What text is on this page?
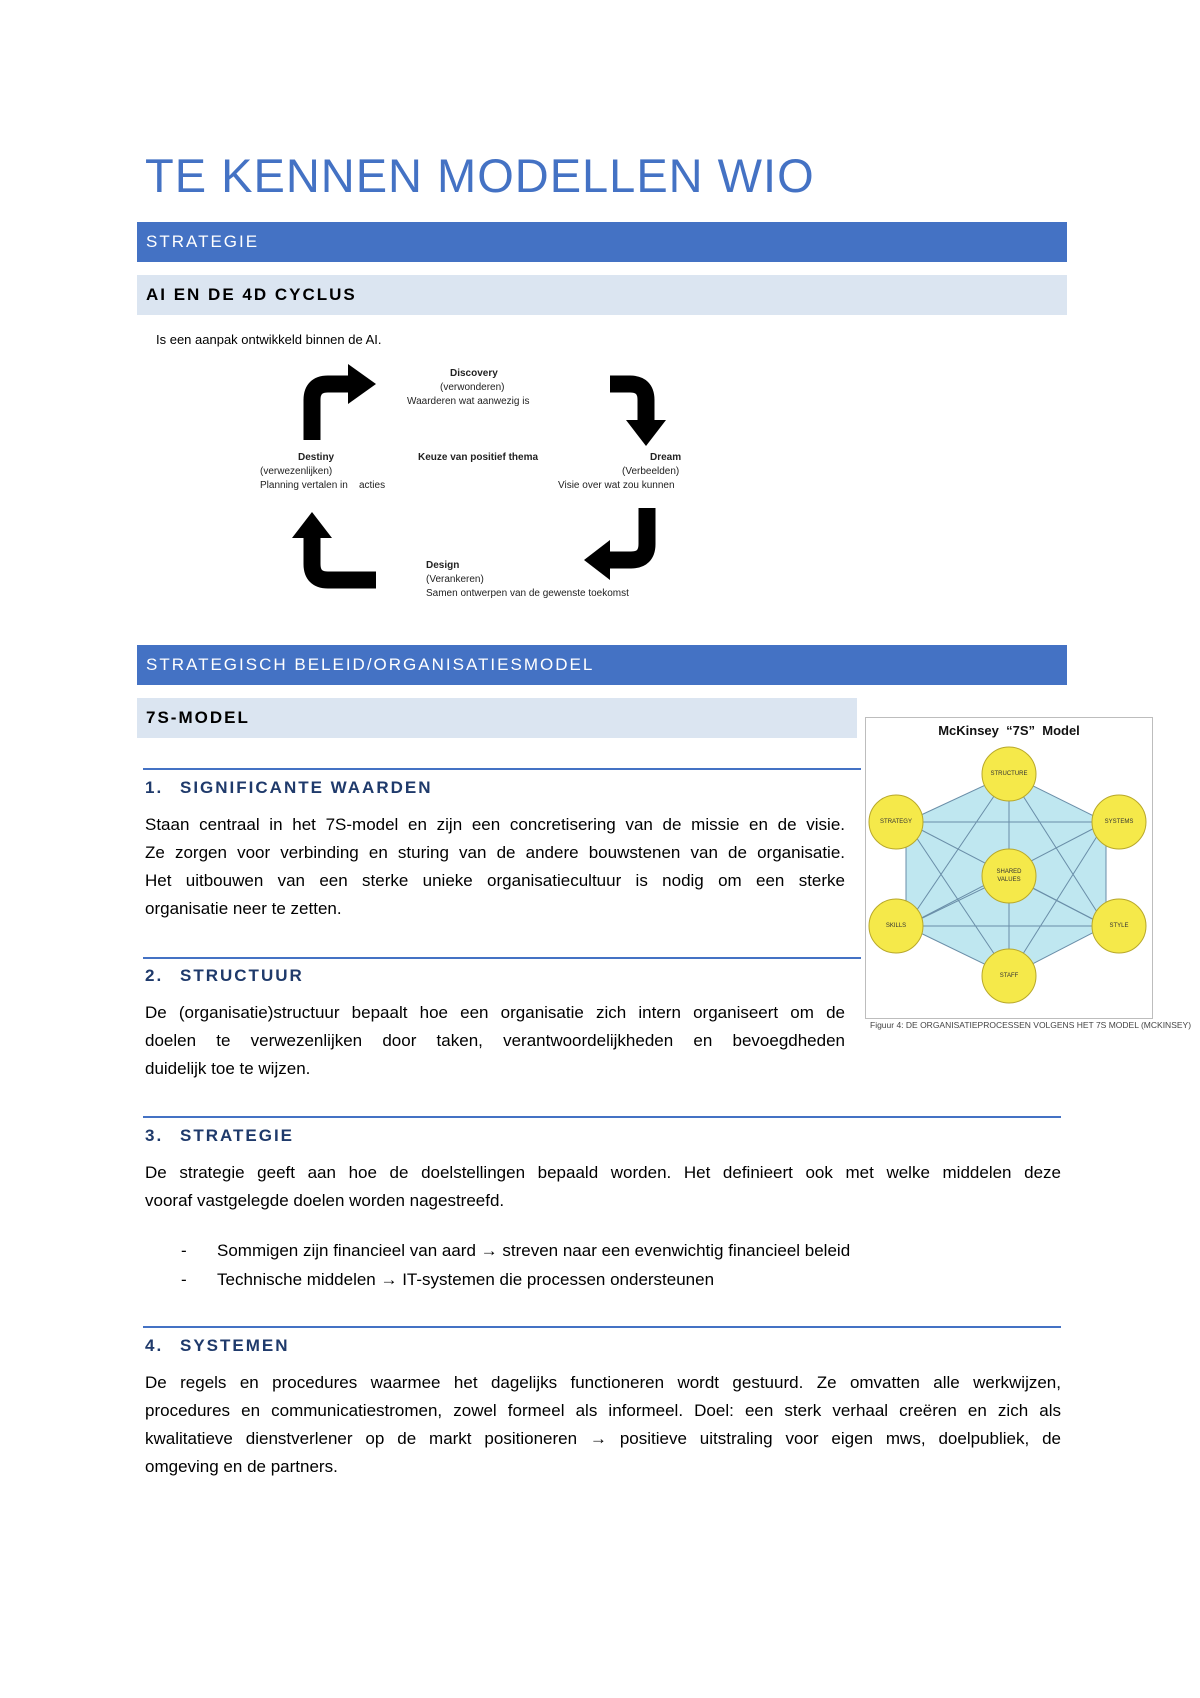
TE KENNEN MODELLEN WIO
STRATEGIE
AI EN DE 4D CYCLUS
Is een aanpak ontwikkeld binnen de AI.
Discovery
(verwonderen)
Waarderen wat aanwezig is
Keuze van positief thema	Dream
(Verbeelden)
Visie over wat zou kunnen
Destiny
(verwezenlijken)
Planning vertalen in    acties
Design
(Verankeren)
Samen ontwerpen van de gewenste toekomst
STRATEGISCH BELEID/ORGANISATIESMODEL
7S-MODEL
McKinsey  “7S”  Model
STRUCTURE
STRATEGY	SYSTEMS
SHARED VALUES
SKILLS	STYLE
STAFF
Figuur 4: DE ORGANISATIEPROCESSEN VOLGENS HET 7S MODEL (MCKINSEY)
1. SIGNIFICANTE WAARDEN
Staan centraal in het 7S-model en zijn een concretisering van de missie en de visie.
Ze zorgen voor verbinding en sturing van de andere bouwstenen van de organisatie.
Het uitbouwen van een sterke unieke organisatiecultuur is nodig om een sterke
organisatie neer te zetten.
2. STRUCTUUR
De (organisatie)structuur bepaalt hoe een organisatie zich intern organiseert om de
doelen te verwezenlijken door taken, verantwoordelijkheden en bevoegdheden
duidelijk toe te wijzen.
3. STRATEGIE
De strategie geeft aan hoe de doelstellingen bepaald worden. Het definieert ook met welke middelen deze
vooraf vastgelegde doelen worden nagestreefd.
- Sommigen zijn financieel van aard → streven naar een evenwichtig financieel beleid
- Technische middelen → IT-systemen die processen ondersteunen
4. SYSTEMEN
De regels en procedures waarmee het dagelijks functioneren wordt gestuurd. Ze omvatten alle werkwijzen,
procedures en communicatiestromen, zowel formeel als informeel. Doel: een sterk verhaal creëren en zich als
kwalitatieve dienstverlener op de markt positioneren → positieve uitstraling voor eigen mws, doelpubliek, de
omgeving en de partners.
